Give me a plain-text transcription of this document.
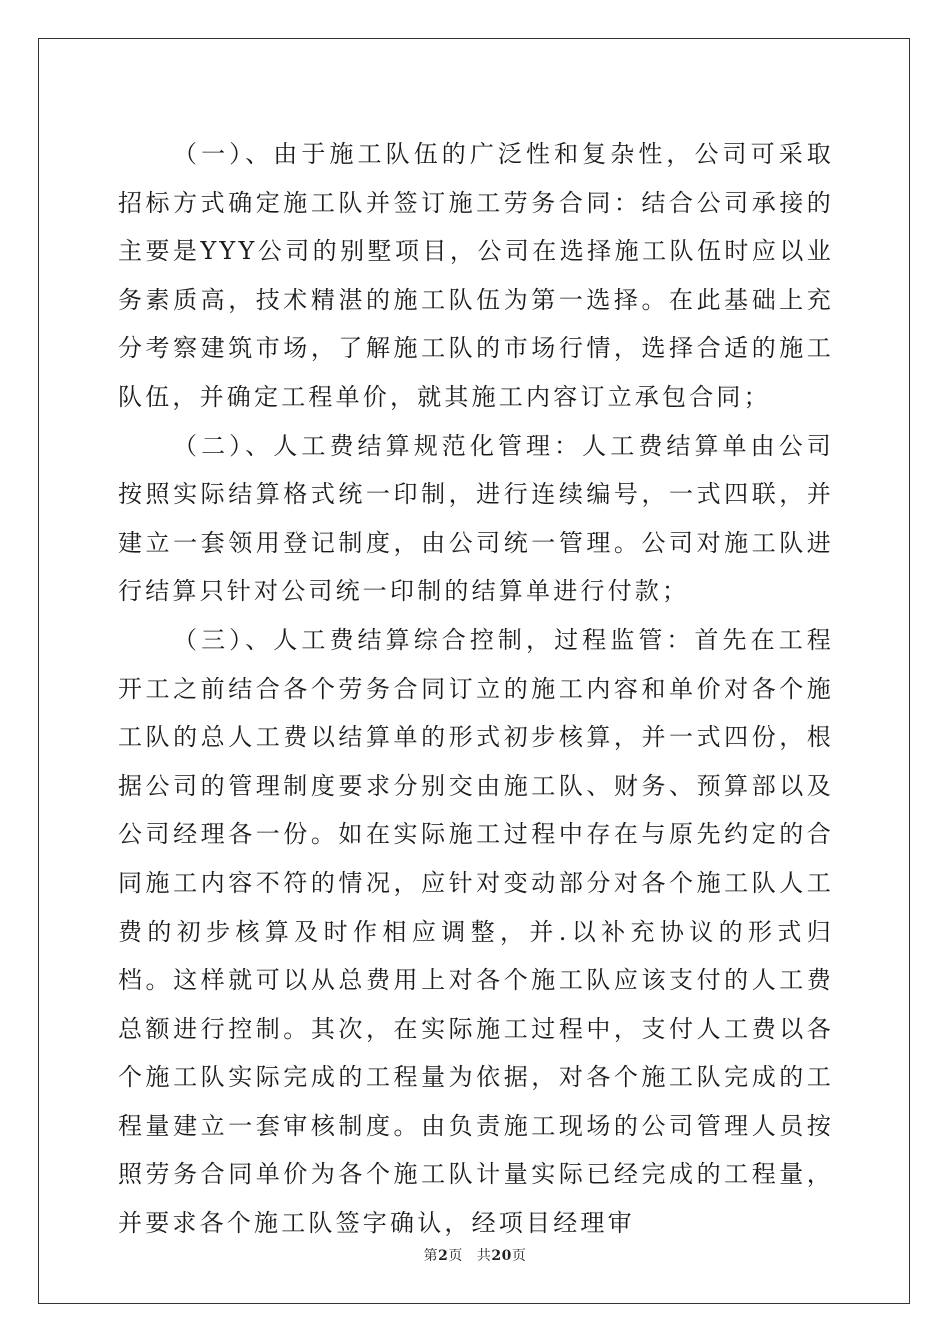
（一）、由于施工队伍的广泛性和复杂性，公司可采取招标方式确定施工队并签订施工劳务合同：结合公司承接的主要是YYY公司的别墅项目，公司在选择施工队伍时应以业务素质高，技术精湛的施工队伍为第一选择。在此基础上充分考察建筑市场，了解施工队的市场行情，选择合适的施工队伍，并确定工程单价，就其施工内容订立承包合同；

（二）、人工费结算规范化管理：人工费结算单由公司按照实际结算格式统一印制，进行连续编号，一式四联，并建立一套领用登记制度，由公司统一管理。公司对施工队进行结算只针对公司统一印制的结算单进行付款；

（三）、人工费结算综合控制，过程监管：首先在工程开工之前结合各个劳务合同订立的施工内容和单价对各个施工队的总人工费以结算单的形式初步核算，并一式四份，根据公司的管理制度要求分别交由施工队、财务、预算部以及公司经理各一份。如在实际施工过程中存在与原先约定的合同施工内容不符的情况，应针对变动部分对各个施工队人工费的初步核算及时作相应调整，并.以补充协议的形式归档。这样就可以从总费用上对各个施工队应该支付的人工费总额进行控制。其次，在实际施工过程中，支付人工费以各个施工队实际完成的工程量为依据，对各个施工队完成的工程量建立一套审核制度。由负责施工现场的公司管理人员按照劳务合同单价为各个施工队计量实际已经完成的工程量，并要求各个施工队签字确认，经项目经理审

第2页 共20页
